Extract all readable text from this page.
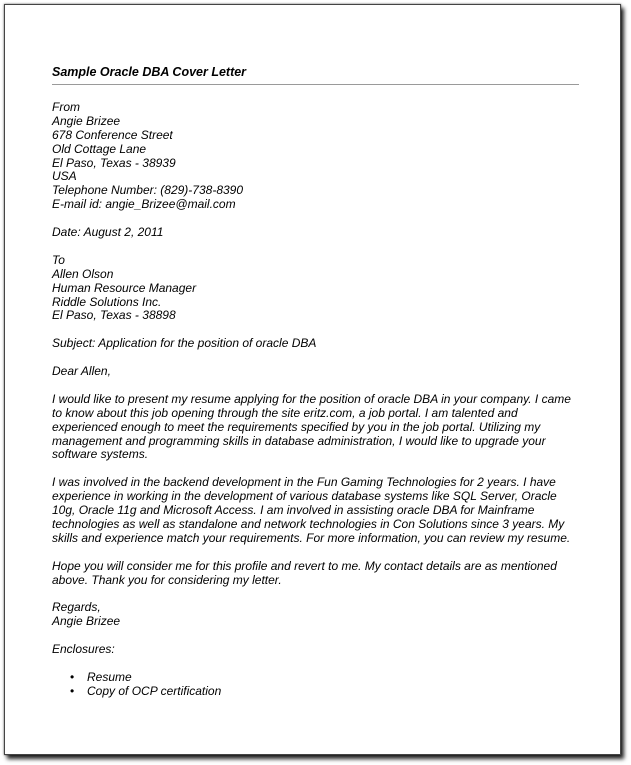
Sample Oracle DBA Cover Letter
From
Angie Brizee
678 Conference Street
Old Cottage Lane
El Paso, Texas - 38939
USA
Telephone Number: (829)-738-8390
E-mail id: angie_Brizee@mail.com
Date: August 2, 2011
To
Allen Olson
Human Resource Manager
Riddle Solutions Inc.
El Paso, Texas - 38898
Subject: Application for the position of oracle DBA
Dear Allen,
I would like to present my resume applying for the position of oracle DBA in your company. I came
to know about this job opening through the site eritz.com, a job portal. I am talented and
experienced enough to meet the requirements specified by you in the job portal. Utilizing my
management and programming skills in database administration, I would like to upgrade your
software systems.
I was involved in the backend development in the Fun Gaming Technologies for 2 years. I have
experience in working in the development of various database systems like SQL Server, Oracle
10g, Oracle 11g and Microsoft Access. I am involved in assisting oracle DBA for Mainframe
technologies as well as standalone and network technologies in Con Solutions since 3 years. My
skills and experience match your requirements. For more information, you can review my resume.
Hope you will consider me for this profile and revert to me. My contact details are as mentioned
above. Thank you for considering my letter.
Regards,
Angie Brizee
Enclosures:
• Resume
• Copy of OCP certification
